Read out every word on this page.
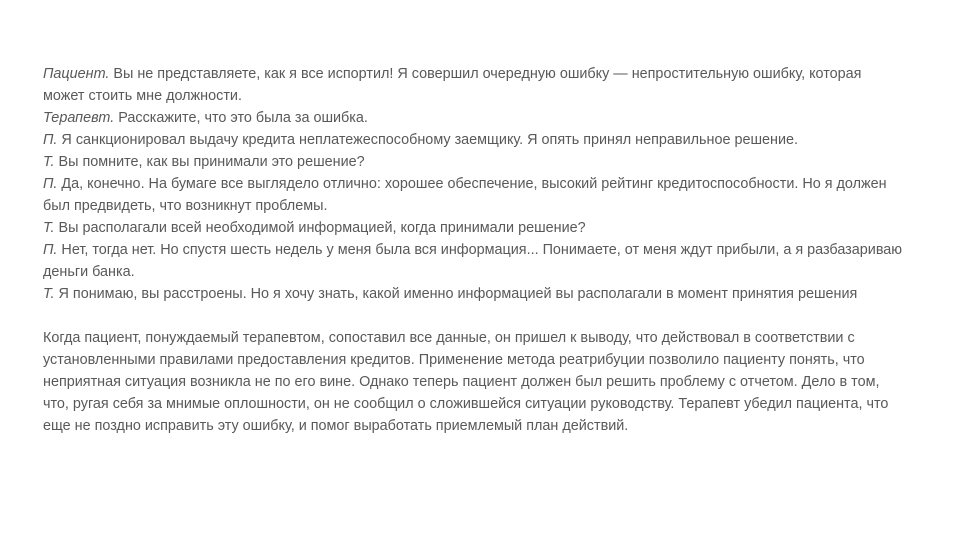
Пациент. Вы не представляете, как я все испортил! Я совершил очередную ошибку — непростительную ошибку, которая может стоить мне должности.

Терапевт. Расскажите, что это была за ошибка.

П. Я санкционировал выдачу кредита неплатежеспособному заемщику. Я опять принял неправильное решение.

Т. Вы помните, как вы принимали это решение?

П. Да, конечно. На бумаге все выглядело отлично: хорошее обеспечение, высокий рейтинг кредитоспособности. Но я должен был предвидеть, что возникнут проблемы.

Т. Вы располагали всей необходимой информацией, когда принимали решение?

П. Нет, тогда нет. Но спустя шесть недель у меня была вся информация... Понимаете, от меня ждут прибыли, а я разбазариваю деньги банка.

Т. Я понимаю, вы расстроены. Но я хочу знать, какой именно информацией вы располагали в момент принятия решения

Когда пациент, понуждаемый терапевтом, сопоставил все данные, он пришел к выводу, что действовал в соответствии с установленными правилами предоставления кредитов. Применение метода реатрибуции позволило пациенту понять, что неприятная ситуация возникла не по его вине. Однако теперь пациент должен был решить проблему с отчетом. Дело в том, что, ругая себя за мнимые оплошности, он не сообщил о сложившейся ситуации руководству. Терапевт убедил пациента, что еще не поздно исправить эту ошибку, и помог выработать приемлемый план действий.
